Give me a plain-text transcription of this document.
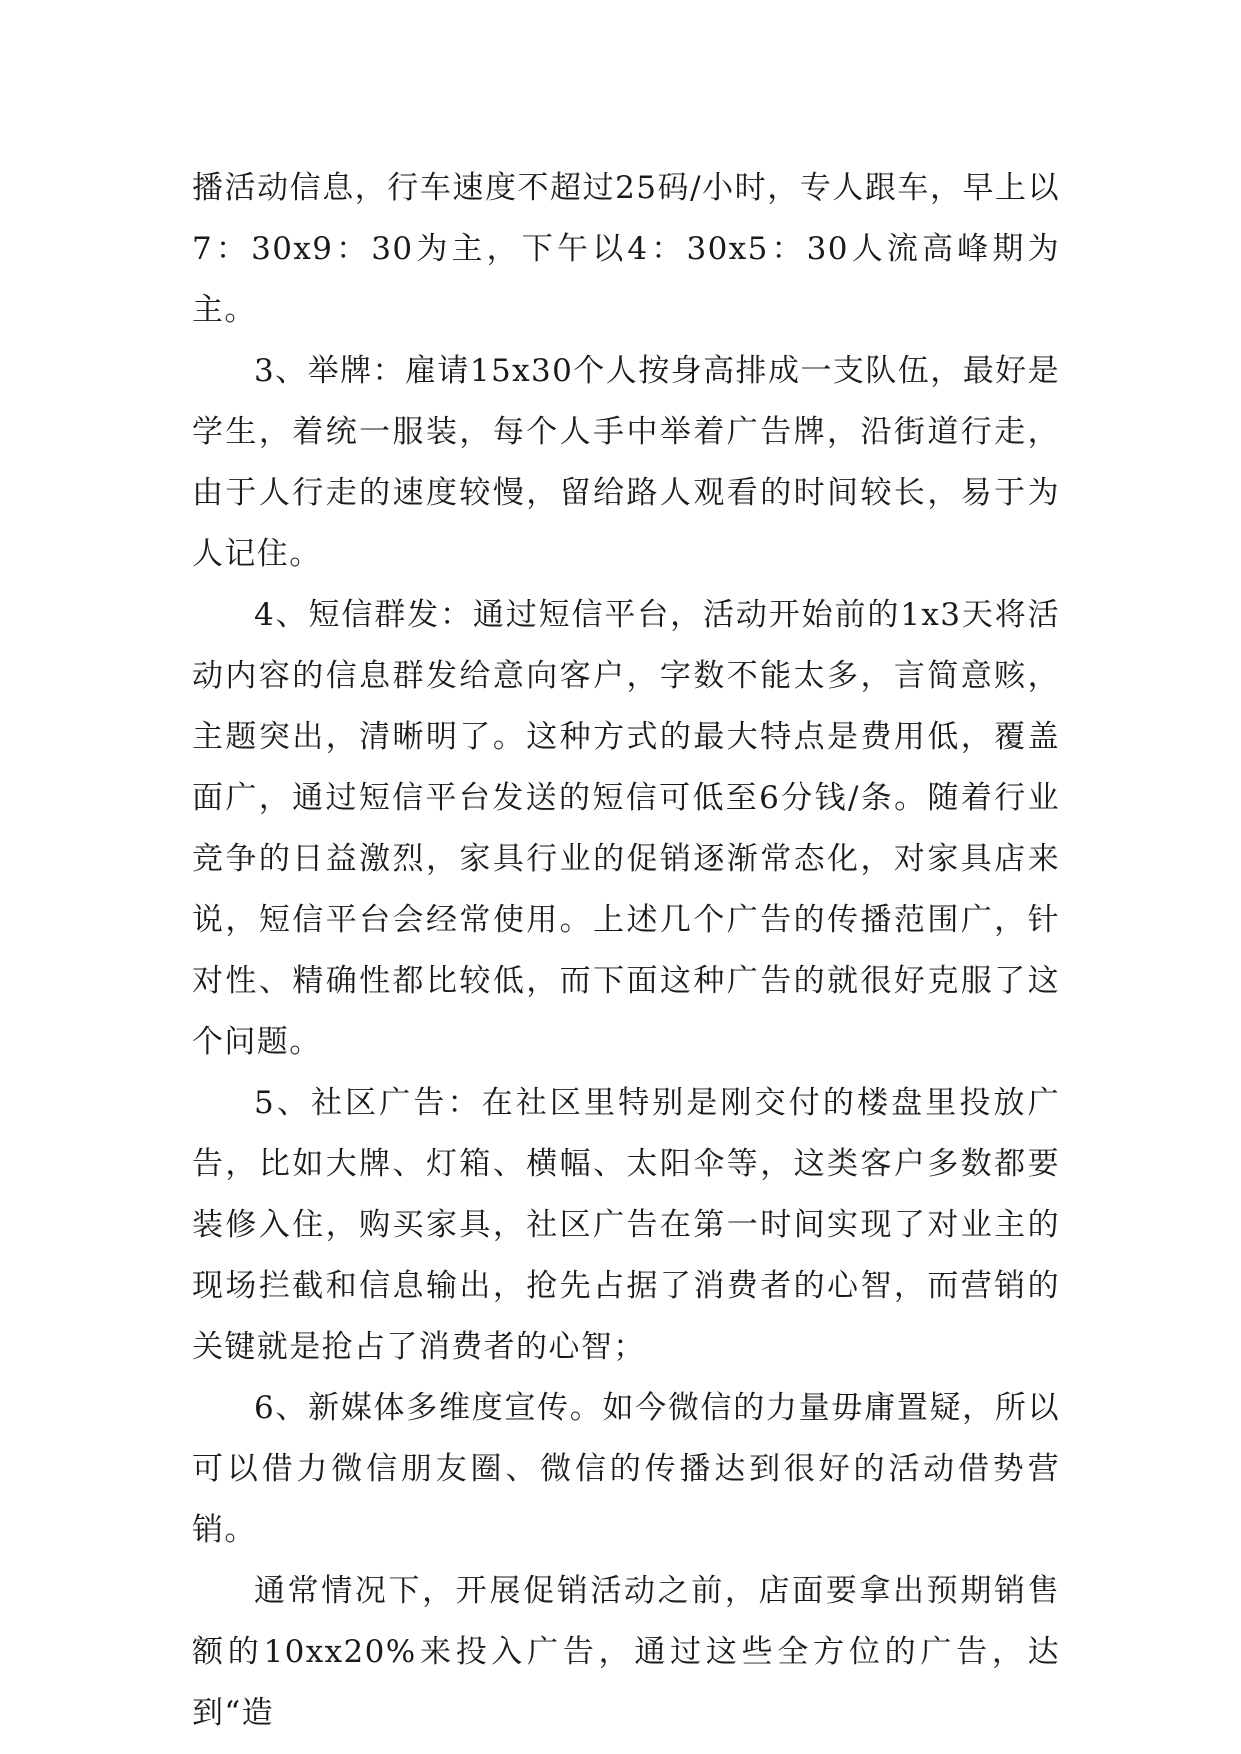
播活动信息，行车速度不超过25码/小时，专人跟车，早上以7：30x9：30为主，下午以4：30x5：30人流高峰期为主。

3、举牌：雇请15x30个人按身高排成一支队伍，最好是学生，着统一服装，每个人手中举着广告牌，沿街道行走，由于人行走的速度较慢，留给路人观看的时间较长，易于为人记住。

4、短信群发：通过短信平台，活动开始前的1x3天将活动内容的信息群发给意向客户，字数不能太多，言简意赅，主题突出，清晰明了。这种方式的最大特点是费用低，覆盖面广，通过短信平台发送的短信可低至6分钱/条。随着行业竞争的日益激烈，家具行业的促销逐渐常态化，对家具店来说，短信平台会经常使用。上述几个广告的传播范围广，针对性、精确性都比较低，而下面这种广告的就很好克服了这个问题。

5、社区广告：在社区里特别是刚交付的楼盘里投放广告，比如大牌、灯箱、横幅、太阳伞等，这类客户多数都要装修入住，购买家具，社区广告在第一时间实现了对业主的现场拦截和信息输出，抢先占据了消费者的心智，而营销的关键就是抢占了消费者的心智；

6、新媒体多维度宣传。如今微信的力量毋庸置疑，所以可以借力微信朋友圈、微信的传播达到很好的活动借势营销。

通常情况下，开展促销活动之前，店面要拿出预期销售额的10xx20%来投入广告，通过这些全方位的广告，达到“造
